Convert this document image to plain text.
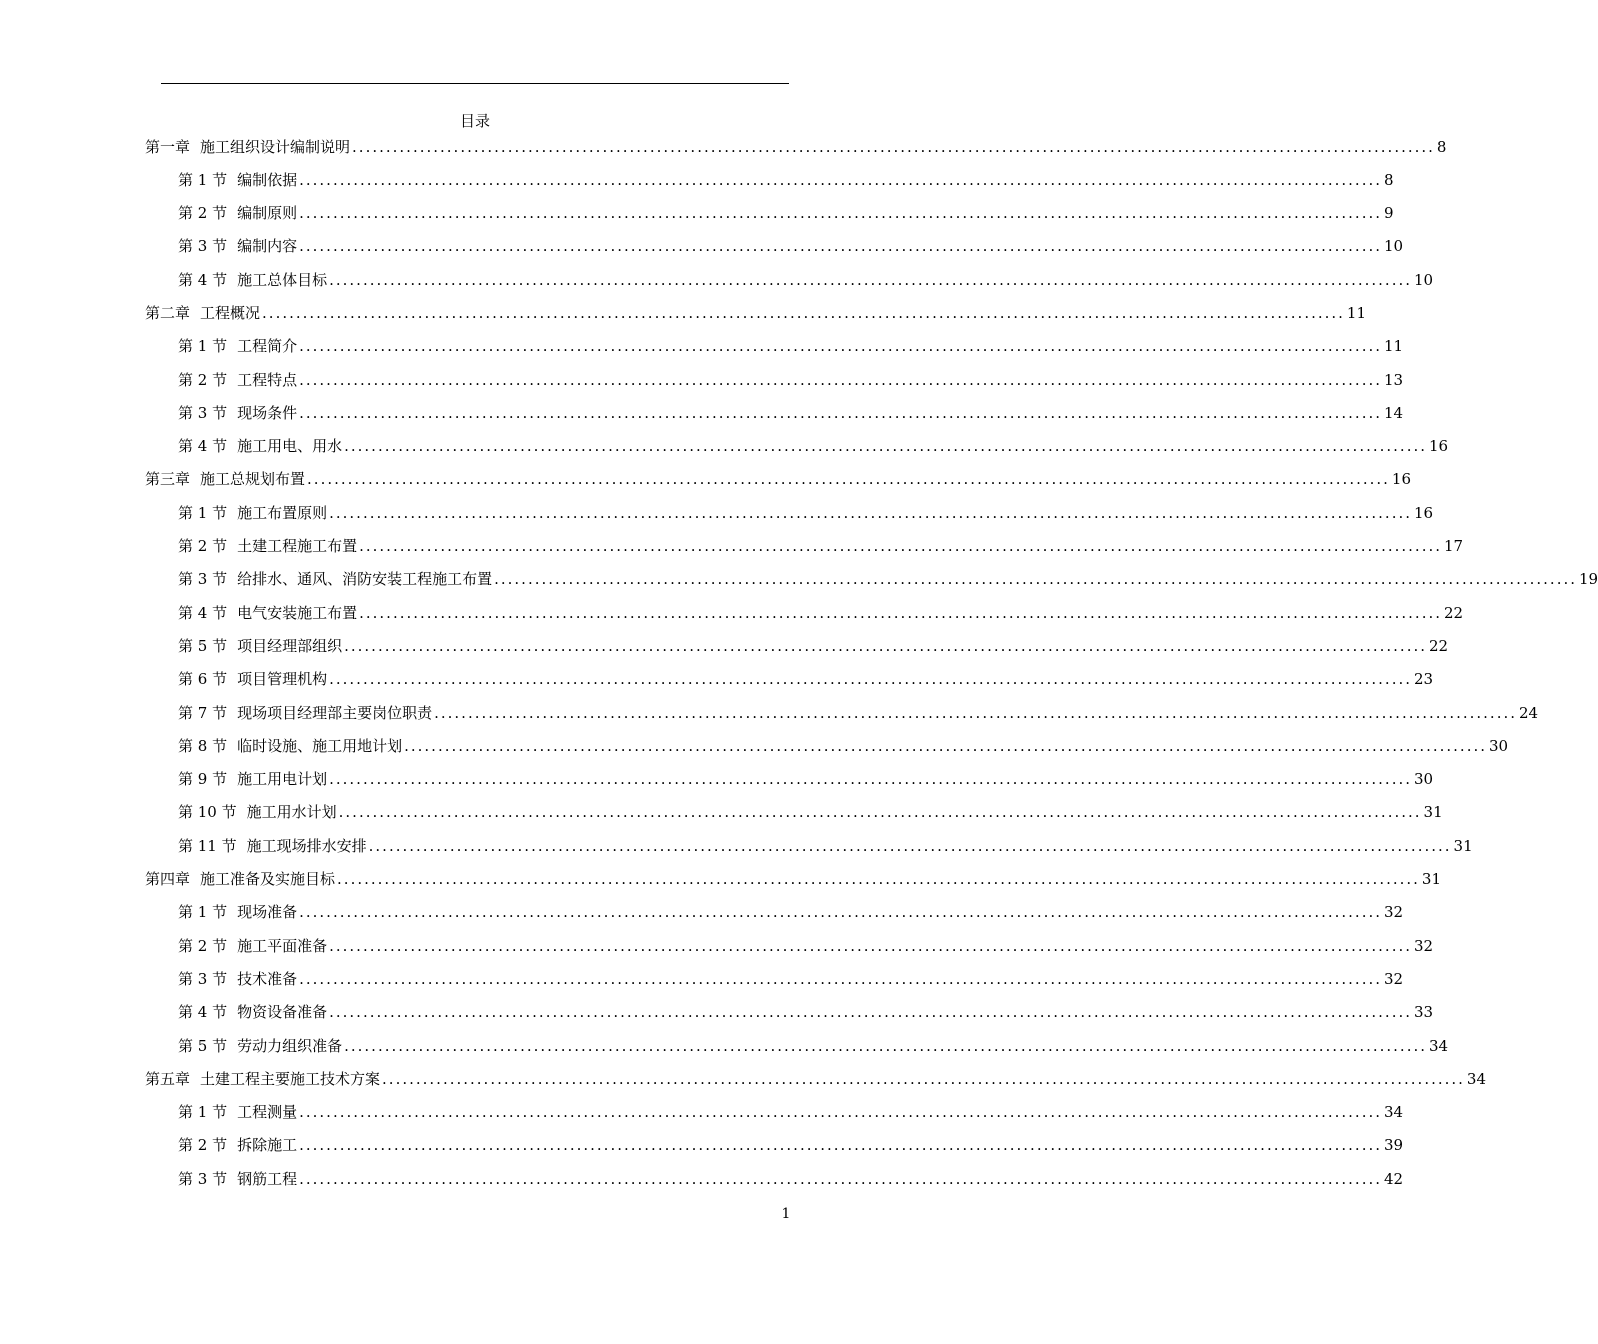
目录
第一章 施工组织设计编制说明 ................................................................................................................................................................ 8
第 1 节 编制依据 ................................................................................................................................................................ 8
第 2 节 编制原则 ................................................................................................................................................................ 9
第 3 节 编制内容 ................................................................................................................................................................ 10
第 4 节 施工总体目标 ................................................................................................................................................................ 10
第二章 工程概况 ................................................................................................................................................................ 11
第 1 节 工程简介 ................................................................................................................................................................ 11
第 2 节 工程特点 ................................................................................................................................................................ 13
第 3 节 现场条件 ................................................................................................................................................................ 14
第 4 节 施工用电、用水 ................................................................................................................................................................ 16
第三章 施工总规划布置 ................................................................................................................................................................ 16
第 1 节 施工布置原则 ................................................................................................................................................................ 16
第 2 节 土建工程施工布置 ................................................................................................................................................................ 17
第 3 节 给排水、通风、消防安装工程施工布置 ................................................................................................................................................................ 19
第 4 节 电气安装施工布置 ................................................................................................................................................................ 22
第 5 节 项目经理部组织 ................................................................................................................................................................ 22
第 6 节 项目管理机构 ................................................................................................................................................................ 23
第 7 节 现场项目经理部主要岗位职责 ................................................................................................................................................................ 24
第 8 节 临时设施、施工用地计划 ................................................................................................................................................................ 30
第 9 节 施工用电计划 ................................................................................................................................................................ 30
第 10 节 施工用水计划 ................................................................................................................................................................ 31
第 11 节 施工现场排水安排 ................................................................................................................................................................ 31
第四章 施工准备及实施目标 ................................................................................................................................................................ 31
第 1 节 现场准备 ................................................................................................................................................................ 32
第 2 节 施工平面准备 ................................................................................................................................................................ 32
第 3 节 技术准备 ................................................................................................................................................................ 32
第 4 节 物资设备准备 ................................................................................................................................................................ 33
第 5 节 劳动力组织准备 ................................................................................................................................................................ 34
第五章 土建工程主要施工技术方案 ................................................................................................................................................................ 34
第 1 节 工程测量 ................................................................................................................................................................ 34
第 2 节 拆除施工 ................................................................................................................................................................ 39
第 3 节 钢筋工程 ................................................................................................................................................................ 42
1
